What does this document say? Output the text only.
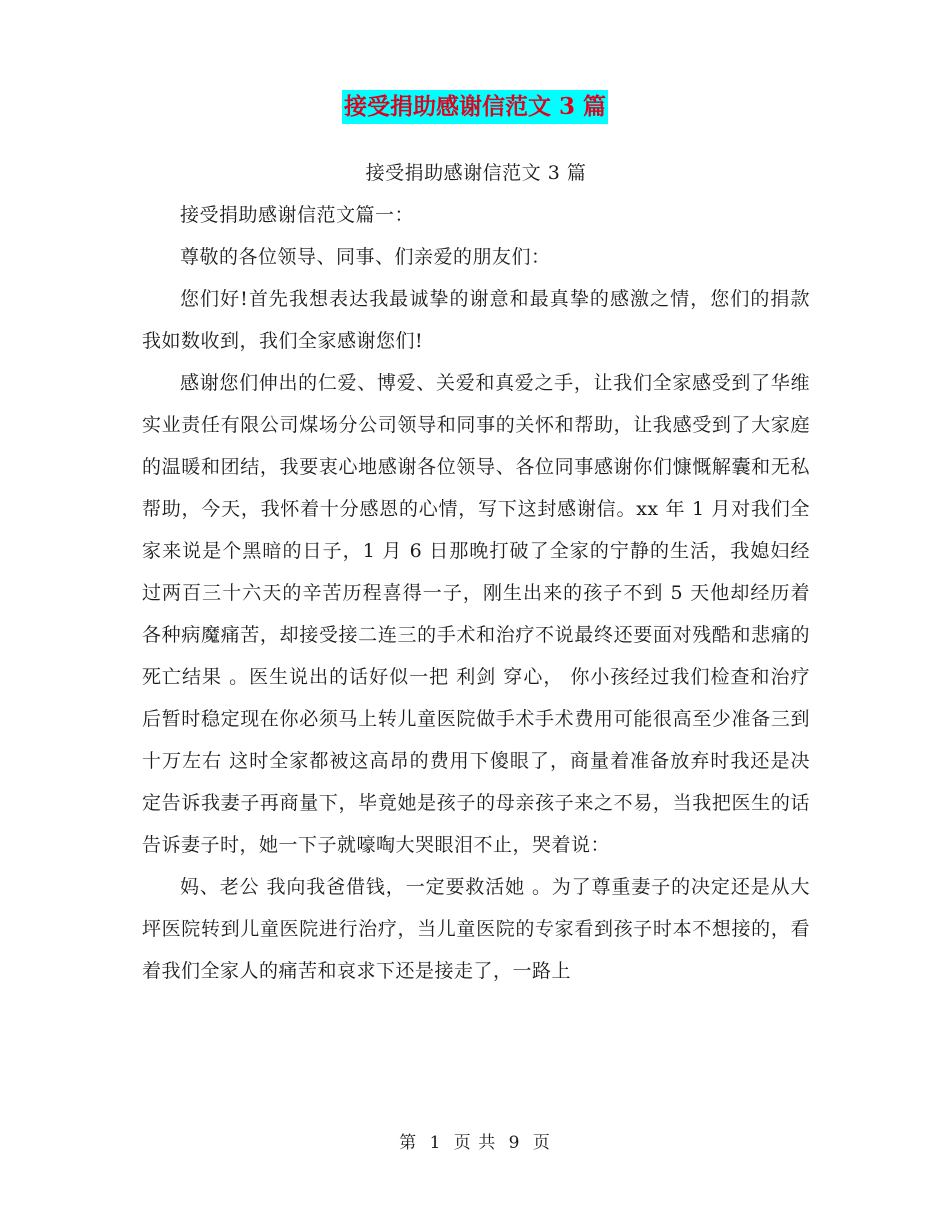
接受捐助感谢信范文 3 篇

接受捐助感谢信范文 3 篇

接受捐助感谢信范文篇一：

尊敬的各位领导、同事、们亲爱的朋友们：

您们好!首先我想表达我最诚挚的谢意和最真挚的感激之情，您们的捐款我如数收到，我们全家感谢您们!

感谢您们伸出的仁爱、博爱、关爱和真爱之手，让我们全家感受到了华维实业责任有限公司煤场分公司领导和同事的关怀和帮助，让我感受到了大家庭的温暖和团结，我要衷心地感谢各位领导、各位同事感谢你们慷慨解囊和无私帮助，今天，我怀着十分感恩的心情，写下这封感谢信。xx 年 1 月对我们全家来说是个黑暗的日子，1 月 6 日那晚打破了全家的宁静的生活，我媳妇经过两百三十六天的辛苦历程喜得一子，刚生出来的孩子不到 5 天他却经历着各种病魔痛苦，却接受接二连三的手术和治疗不说最终还要面对残酷和悲痛的死亡结果 。医生说出的话好似一把 利剑 穿心， 你小孩经过我们检查和治疗后暂时稳定现在你必须马上转儿童医院做手术手术费用可能很高至少准备三到十万左右 这时全家都被这高昂的费用下傻眼了，商量着准备放弃时我还是决定告诉我妻子再商量下，毕竟她是孩子的母亲孩子来之不易，当我把医生的话告诉妻子时，她一下子就嚎啕大哭眼泪不止，哭着说：

妈、老公 我向我爸借钱，一定要救活她 。为了尊重妻子的决定还是从大坪医院转到儿童医院进行治疗，当儿童医院的专家看到孩子时本不想接的，看着我们全家人的痛苦和哀求下还是接走了，一路上

第 1 页 共 9 页
